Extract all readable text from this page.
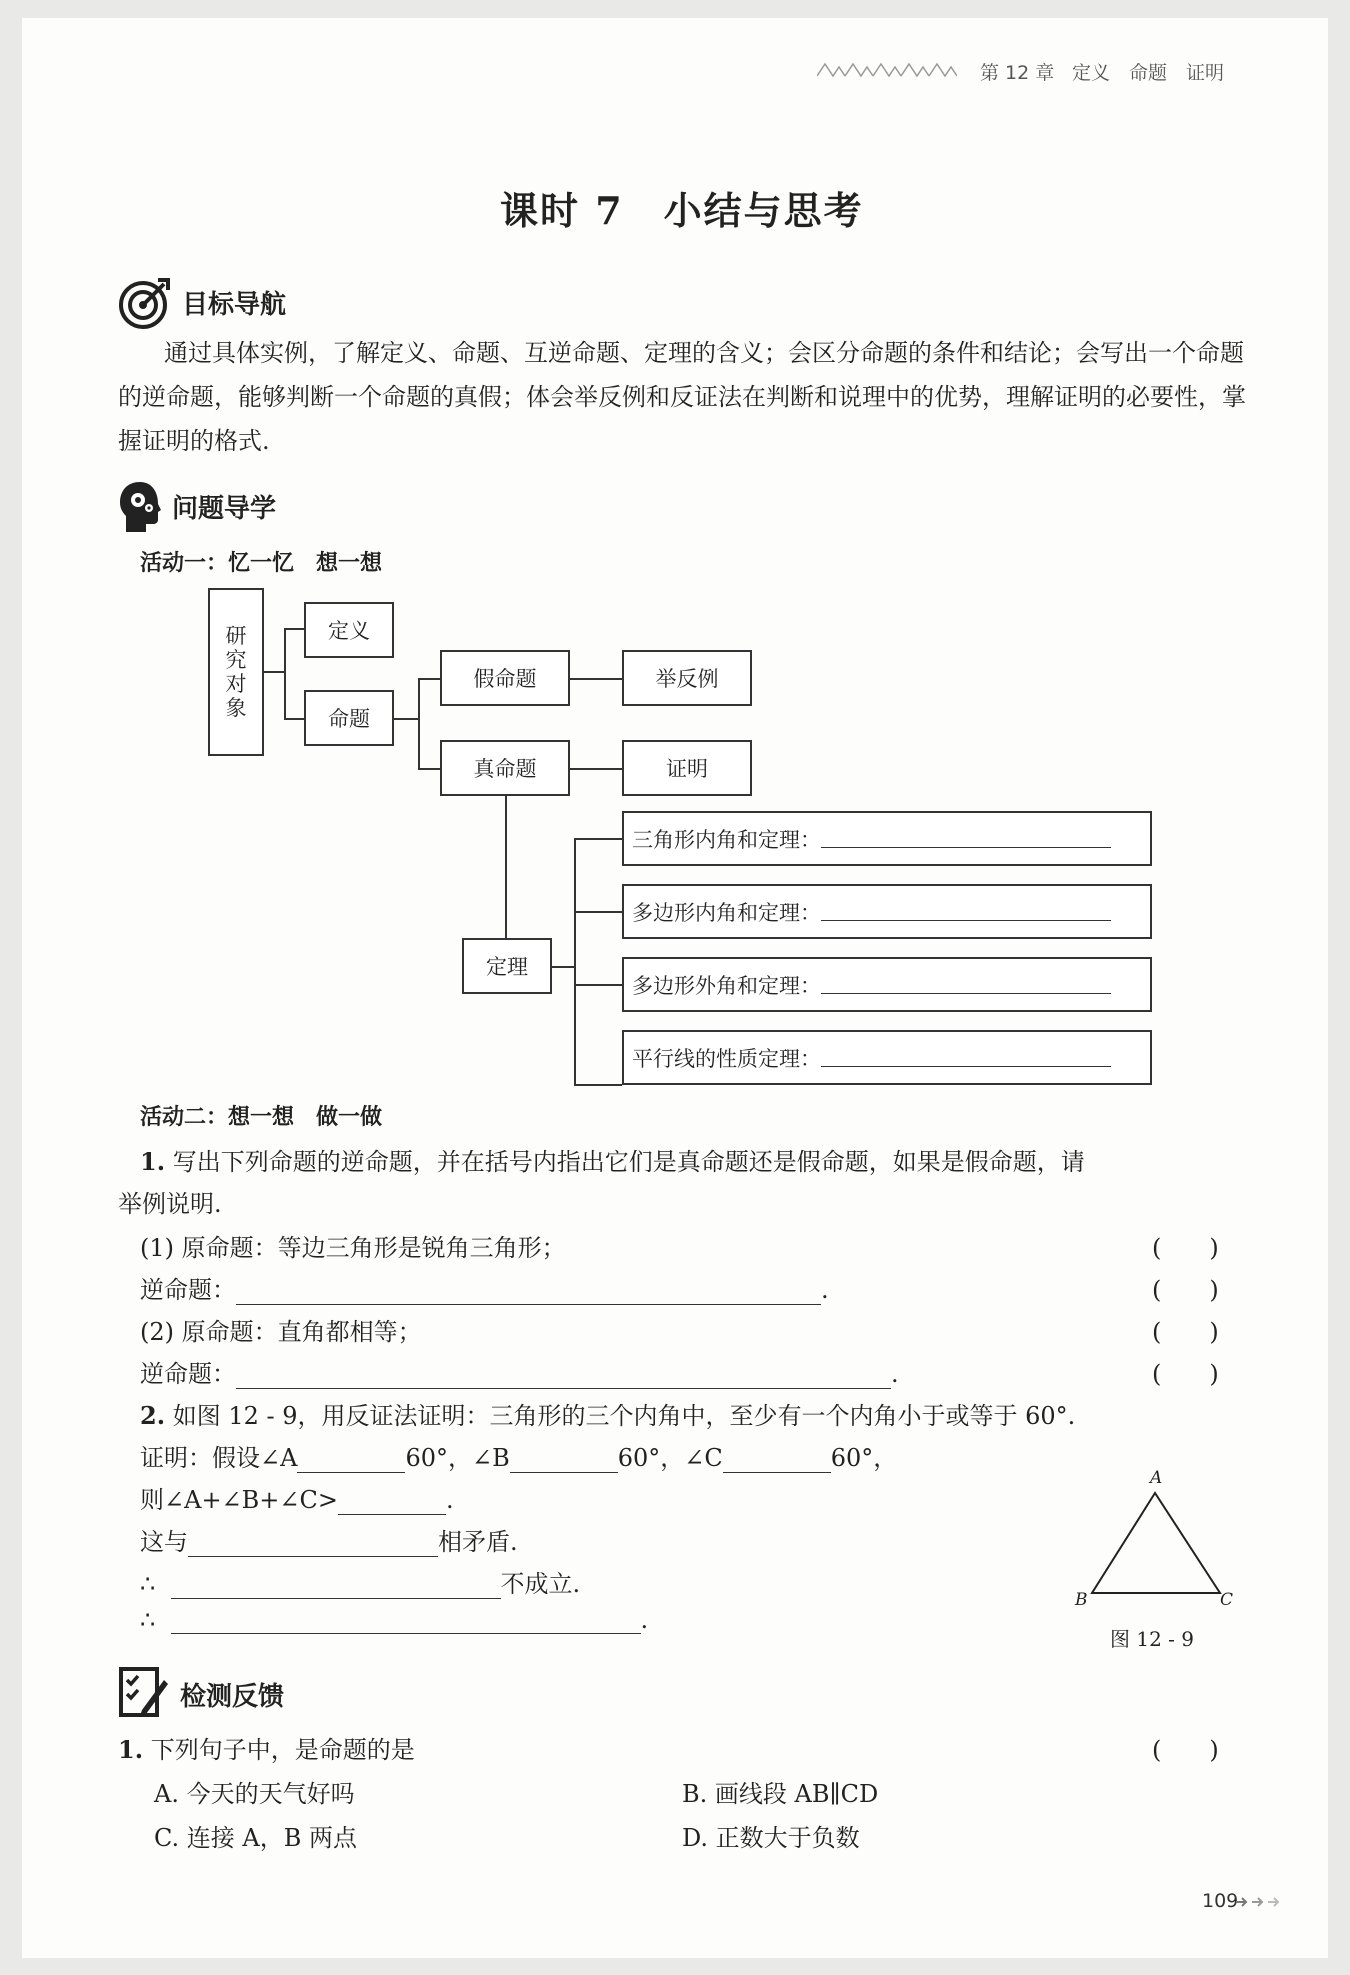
第 12 章 定义　命题　证明
课时 7　小结与思考
目标导航
通过具体实例，了解定义、命题、互逆命题、定理的含义；会区分命题的条件和结论；会写出一个命题的逆命题，能够判断一个命题的真假；体会举反例和反证法在判断和说理中的优势，理解证明的必要性，掌握证明的格式.
问题导学
活动一：忆一忆　想一想
研
究
对
象
定义
命题
假命题	举反例
真命题	证明
定理
三角形内角和定理：
多边形内角和定理：
多边形外角和定理：
平行线的性质定理：
活动二：想一想　做一做
1. 写出下列命题的逆命题，并在括号内指出它们是真命题还是假命题，如果是假命题，请
举例说明.
(1) 原命题：等边三角形是锐角三角形；	(　　)
逆命题：	.	(　　)
(2) 原命题：直角都相等；	(　　)
逆命题：	.	(　　)
2. 如图 12 - 9，用反证法证明：三角形的三个内角中，至少有一个内角小于或等于 60°.
证明：假设∠A	60°，∠B	60°，∠C	60°，
则∠A+∠B+∠C>	.
这与	相矛盾.
∴	不成立.
∴	.
A
B	C
图 12 - 9
检测反馈
1. 下列句子中，是命题的是	(　　)
A. 今天的天气好吗	B. 画线段 AB∥CD
C. 连接 A，B 两点	D. 正数大于负数
109
